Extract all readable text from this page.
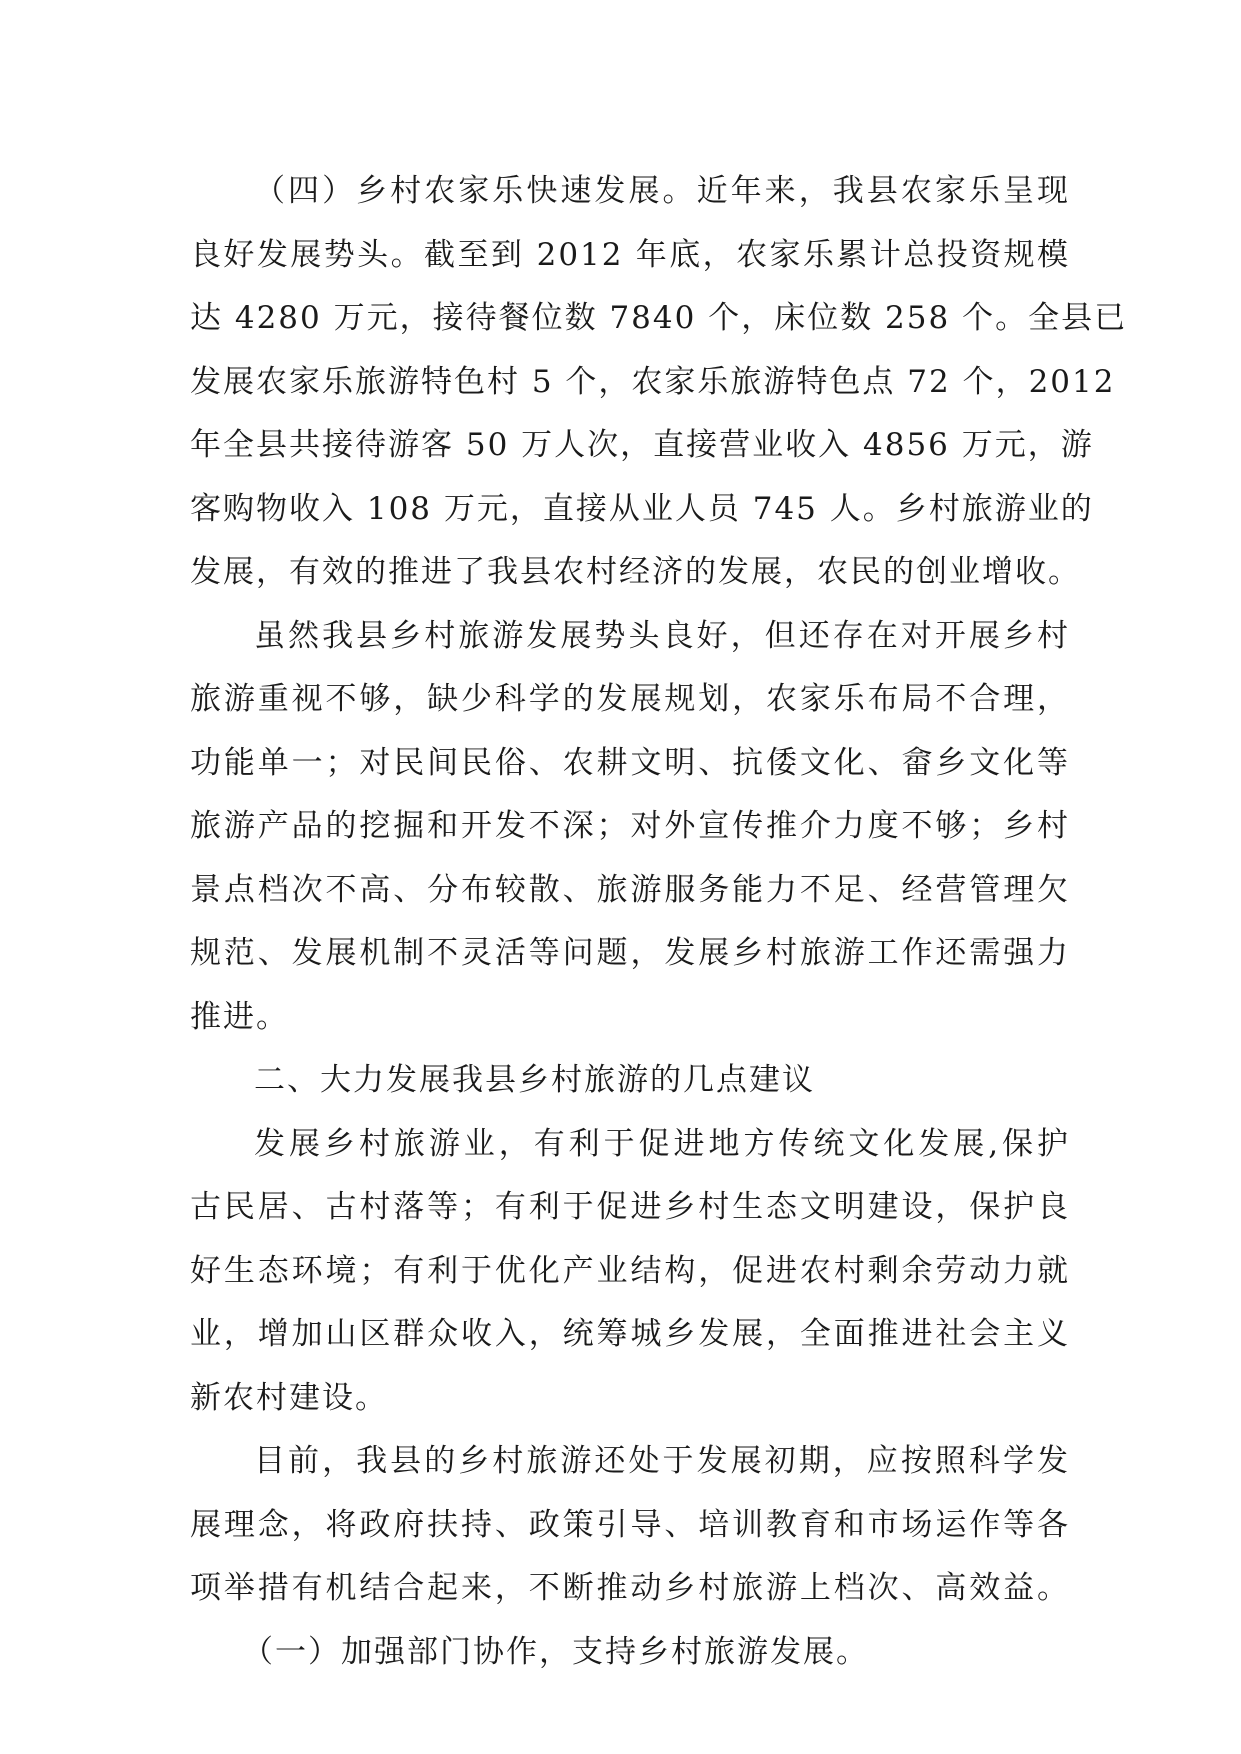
（四）乡村农家乐快速发展。近年来，我县农家乐呈现
良好发展势头。截至到 2012 年底，农家乐累计总投资规模
达 4280 万元，接待餐位数 7840 个，床位数 258 个。全县已
发展农家乐旅游特色村 5 个，农家乐旅游特色点 72 个，2012
年全县共接待游客 50 万人次，直接营业收入 4856 万元，游
客购物收入 108 万元，直接从业人员 745 人。乡村旅游业的
发展，有效的推进了我县农村经济的发展，农民的创业增收。
虽然我县乡村旅游发展势头良好，但还存在对开展乡村
旅游重视不够，缺少科学的发展规划，农家乐布局不合理，
功能单一；对民间民俗、农耕文明、抗倭文化、畲乡文化等
旅游产品的挖掘和开发不深；对外宣传推介力度不够；乡村
景点档次不高、分布较散、旅游服务能力不足、经营管理欠
规范、发展机制不灵活等问题，发展乡村旅游工作还需强力
推进。
二、大力发展我县乡村旅游的几点建议
发展乡村旅游业，有利于促进地方传统文化发展,保护
古民居、古村落等；有利于促进乡村生态文明建设，保护良
好生态环境；有利于优化产业结构，促进农村剩余劳动力就
业，增加山区群众收入，统筹城乡发展，全面推进社会主义
新农村建设。
目前，我县的乡村旅游还处于发展初期，应按照科学发
展理念，将政府扶持、政策引导、培训教育和市场运作等各
项举措有机结合起来，不断推动乡村旅游上档次、高效益。
（一）加强部门协作，支持乡村旅游发展。
